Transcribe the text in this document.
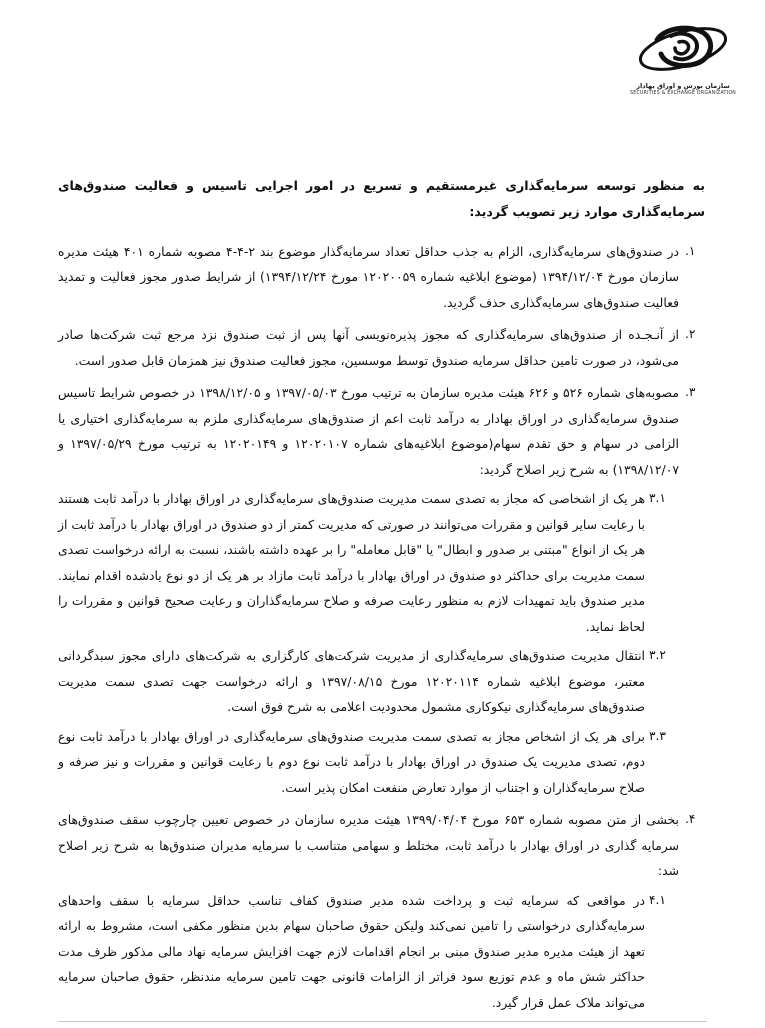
سازمان بورس و اوراق بهادار
SECURITIES & EXCHANGE ORGANIZATION

به منظور توسعه سرمایه‌گذاری غیرمستقیم و تسریع در امور اجرایی تاسیس و فعالیت صندوق‌های سرمایه‌گذاری موارد زیر تصویب گردید:

۱.
در صندوق‌های سرمایه‌گذاری، الزام به جذب حداقل تعداد سرمایه‌گذار موضوع بند ۲-۴-۴ مصوبه شماره ۴۰۱ هیئت مدیره سازمان مورخ ۱۳۹۴/۱۲/۰۴ (موضوع ابلاغیه شماره ۱۲۰۲۰۰۵۹ مورخ ۱۳۹۴/۱۲/۲۴) از شرایط صدور مجوز فعالیت و تمدید فعالیت صندوق‌های سرمایه‌گذاری حذف گردید.
۲.
از آنـجـده از صندوق‌های سرمایه‌گذاری که مجوز پذیره‌نویسی آنها پس از ثبت صندوق نزد مرجع ثبت شرکت‌ها صادر می‌شود، در صورت تامین حداقل سرمایه صندوق توسط موسسین، مجوز فعالیت صندوق نیز همزمان قابل صدور است.
۳.
مصوبه‌های شماره ۵۲۶ و ۶۲۶ هیئت مدیره سازمان به ترتیب مورخ ۱۳۹۷/۰۵/۰۳ و ۱۳۹۸/۱۲/۰۵ در خصوص شرایط تاسیس صندوق سرمایه‌گذاری در اوراق بهادار به درآمد ثابت اعم از صندوق‌های سرمایه‌گذاری ملزم به سرمایه‌گذاری اختیاری یا الزامی در سهام و حق تقدم سهام(موضوع ابلاغیه‌های شماره ۱۲۰۲۰۱۰۷ و ۱۲۰۲۰۱۴۹ به ترتیب مورخ ۱۳۹۷/۰۵/۲۹ و ۱۳۹۸/۱۲/۰۷) به شرح زیر اصلاح گردید:
۳.۱
هر یک از اشخاصی که مجاز به تصدی سمت مدیریت صندوق‌های سرمایه‌گذاری در اوراق بهادار با درآمد ثابت هستند با رعایت سایر قوانین و مقررات می‌توانند در صورتی که مدیریت کمتر از دو صندوق در اوراق بهادار با درآمد ثابت از هر یک از انواع "مبتنی بر صدور و ابطال" یا "قابل معامله" را بر عهده داشته باشند، نسبت به ارائه درخواست تصدی سمت مدیریت برای حداکثر دو صندوق در اوراق بهادار با درآمد ثابت مازاد بر هر یک از دو نوع یادشده اقدام نمایند. مدیر صندوق باید تمهیدات لازم به منظور رعایت صرفه و صلاح سرمایه‌گذاران و رعایت صحیح قوانین و مقررات را لحاظ نماید.
۳.۲
انتقال مدیریت صندوق‌های سرمایه‌گذاری از مدیریت شرکت‌های کارگزاری به شرکت‌های دارای مجوز سبدگردانی معتبر، موضوع ابلاغیه شماره ۱۲۰۲۰۱۱۴ مورخ ۱۳۹۷/۰۸/۱۵ و ارائه درخواست جهت تصدی سمت مدیریت صندوق‌های سرمایه‌گذاری نیکوکاری مشمول محدودیت اعلامی به شرح فوق است.
۳.۳
برای هر یک از اشخاص مجاز به تصدی سمت مدیریت صندوق‌های سرمایه‌گذاری در اوراق بهادار با درآمد ثابت نوع دوم، تصدی مدیریت یک صندوق در اوراق بهادار با درآمد ثابت نوع دوم با رعایت قوانین و مقررات و نیز صرفه و صلاح سرمایه‌گذاران و اجتناب از موارد تعارض منفعت امکان پذیر است.
۴.
بخشی از متن مصوبه شماره ۶۵۳ مورخ ۱۳۹۹/۰۴/۰۴ هیئت مدیره سازمان در خصوص تعیین چارچوب سقف صندوق‌های سرمایه گذاری در اوراق بهادار با درآمد ثابت، مختلط و سهامی متناسب با سرمایه مدیران صندوق‌ها به شرح زیر اصلاح شد:
۴.۱
در مواقعی که سرمایه ثبت و پرداخت شده مدیر صندوق کفاف تناسب حداقل سرمایه با سقف واحدهای سرمایه‌گذاری درخواستی را تامین نمی‌کند ولیکن حقوق صاحبان سهام بدین منظور مکفی است، مشروط به ارائه تعهد از هیئت مدیره مدیر صندوق مبنی بر انجام اقدامات لازم جهت افزایش سرمایه نهاد مالی مذکور ظرف مدت حداکثر شش ماه و عدم توزیع سود فراتر از الزامات قانونی جهت تامین سرمایه مندنظر، حقوق صاحبان سرمایه می‌تواند ملاک عمل قرار گیرد.
